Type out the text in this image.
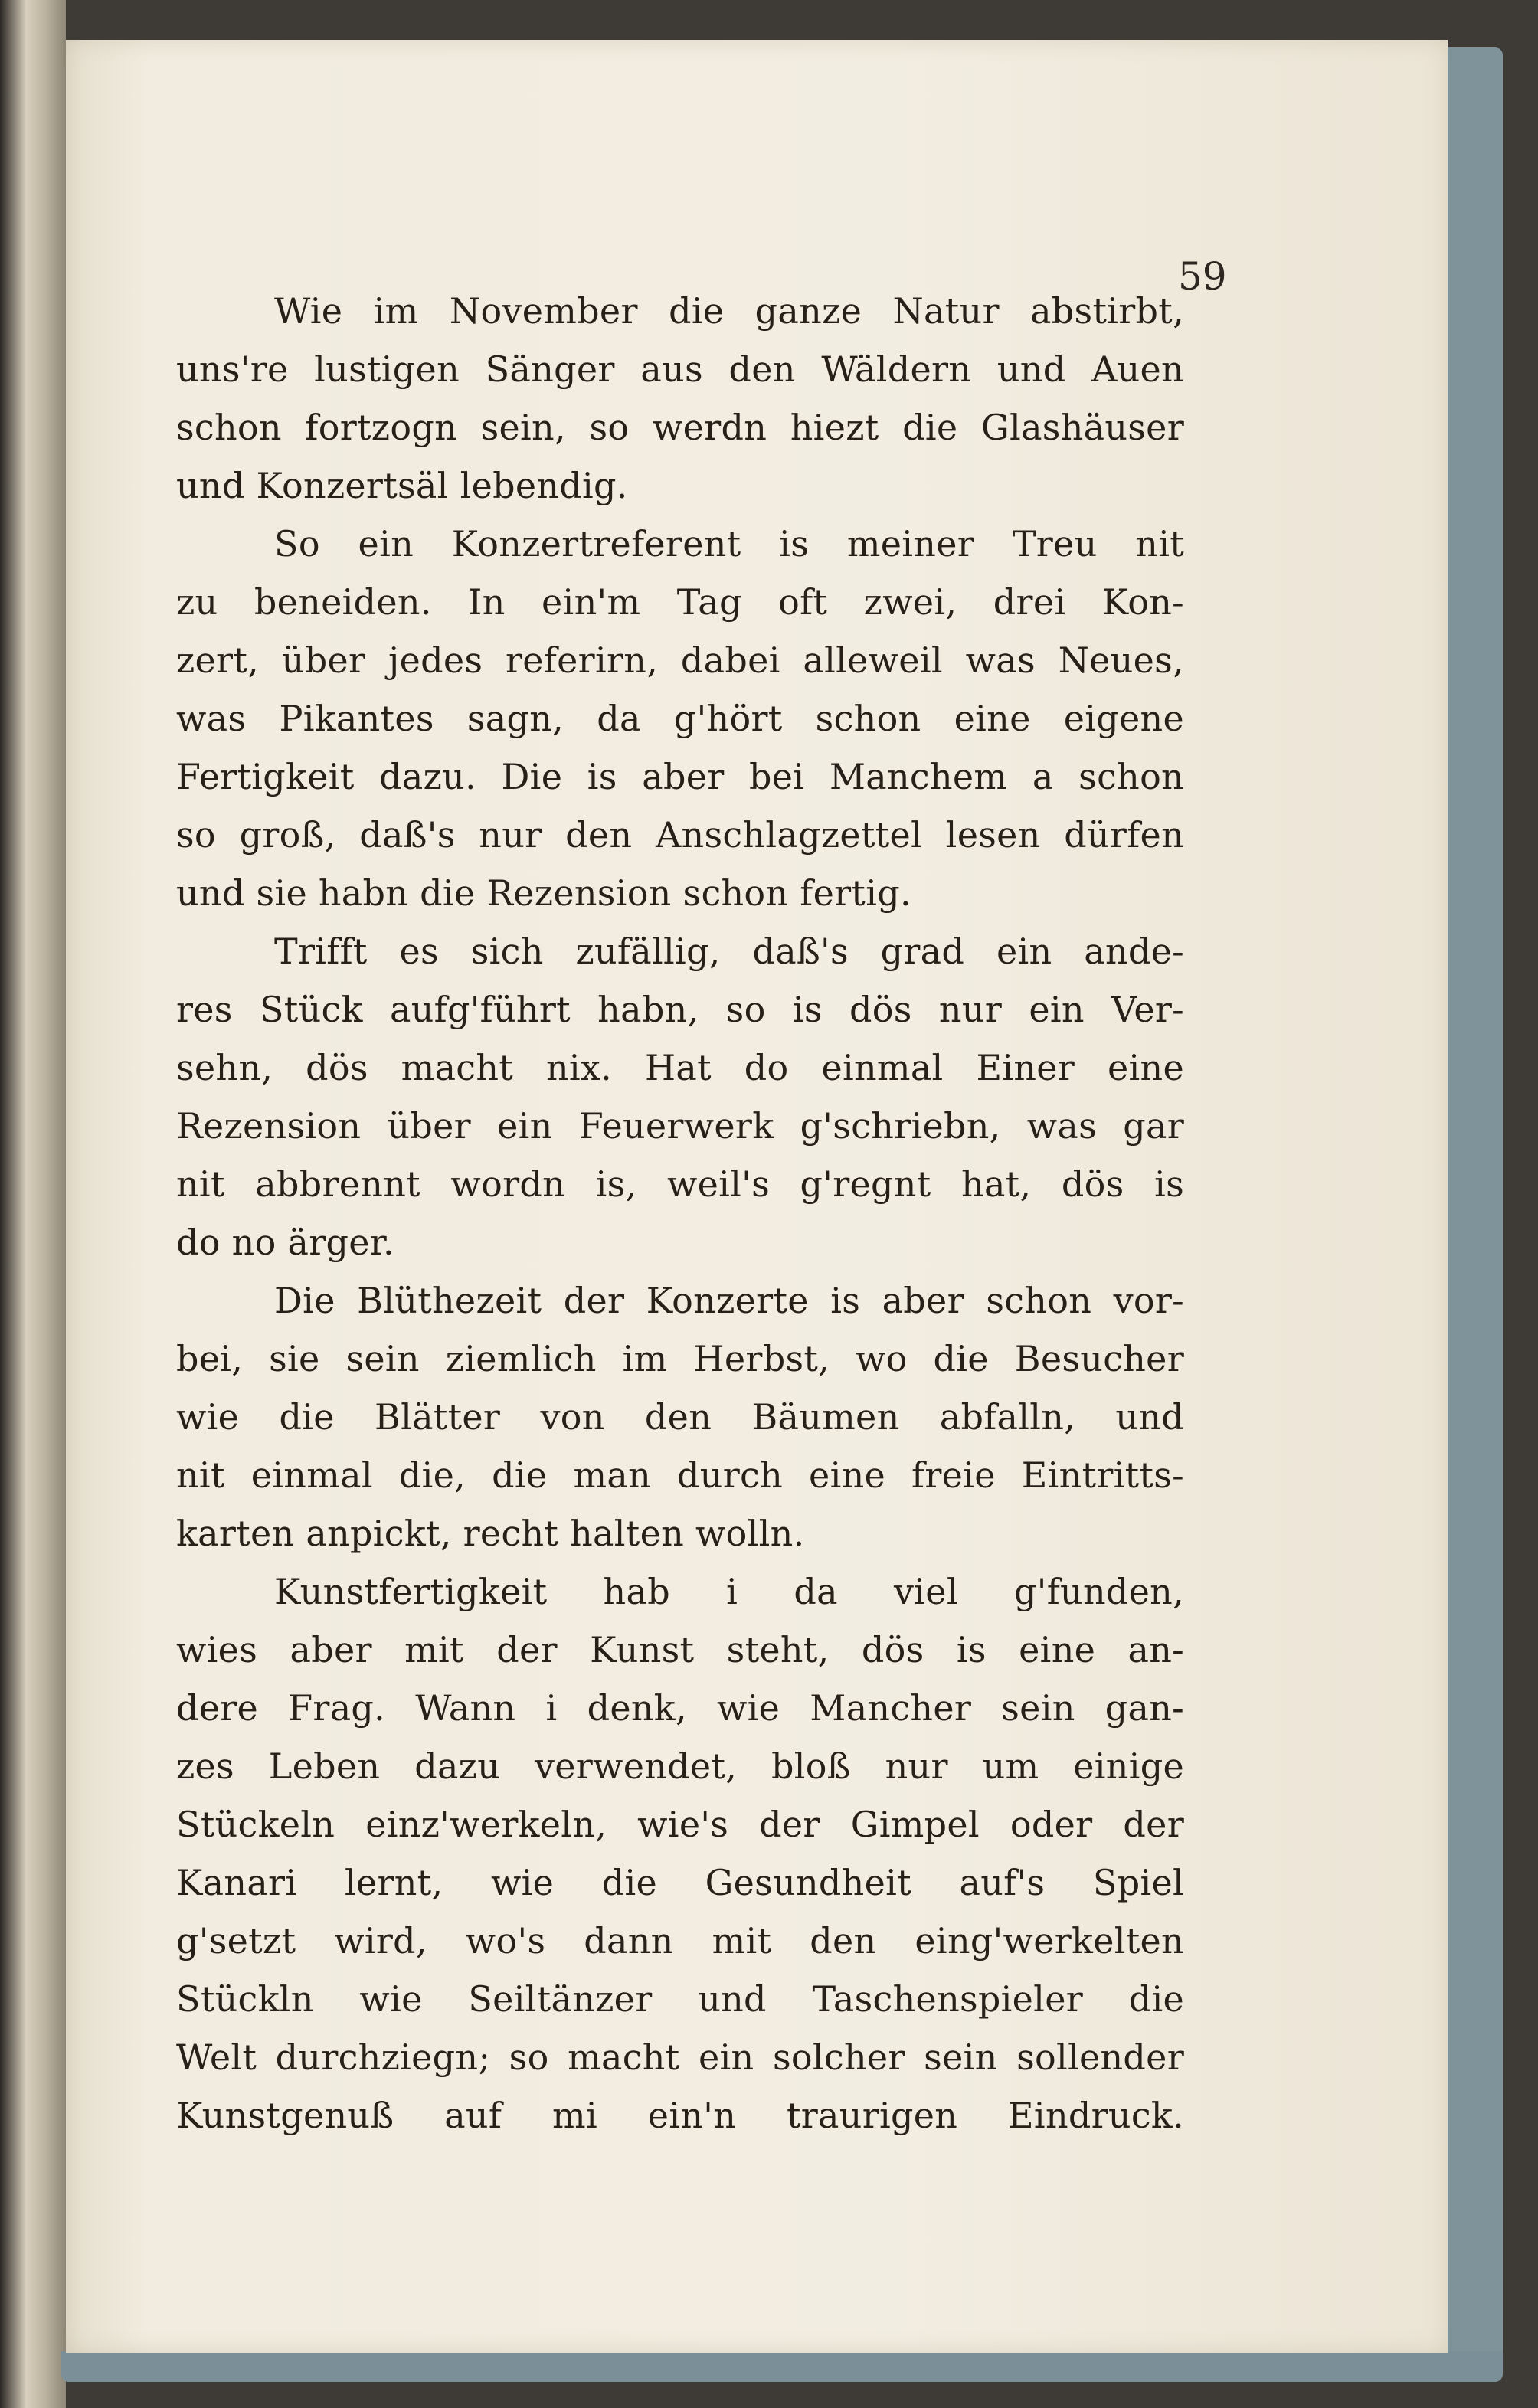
59
Wie im November die ganze Natur abstirbt,
uns're lustigen Sänger aus den Wäldern und Auen
schon fortzogn sein, so werdn hiezt die Glashäuser
und Konzertsäl lebendig.
So ein Konzertreferent is meiner Treu nit
zu beneiden. In ein'm Tag oft zwei, drei Kon-
zert, über jedes referirn, dabei alleweil was Neues,
was Pikantes sagn, da g'hört schon eine eigene
Fertigkeit dazu. Die is aber bei Manchem a schon
so groß, daß's nur den Anschlagzettel lesen dürfen
und sie habn die Rezension schon fertig.
Trifft es sich zufällig, daß's grad ein ande-
res Stück aufg'führt habn, so is dös nur ein Ver-
sehn, dös macht nix. Hat do einmal Einer eine
Rezension über ein Feuerwerk g'schriebn, was gar
nit abbrennt wordn is, weil's g'regnt hat, dös is
do no ärger.
Die Blüthezeit der Konzerte is aber schon vor-
bei, sie sein ziemlich im Herbst, wo die Besucher
wie die Blätter von den Bäumen abfalln, und
nit einmal die, die man durch eine freie Eintritts-
karten anpickt, recht halten wolln.
Kunstfertigkeit hab i da viel g'funden,
wies aber mit der Kunst steht, dös is eine an-
dere Frag. Wann i denk, wie Mancher sein gan-
zes Leben dazu verwendet, bloß nur um einige
Stückeln einz'werkeln, wie's der Gimpel oder der
Kanari lernt, wie die Gesundheit auf's Spiel
g'setzt wird, wo's dann mit den eing'werkelten
Stückln wie Seiltänzer und Taschenspieler die
Welt durchziegn; so macht ein solcher sein sollender
Kunstgenuß auf mi ein'n traurigen Eindruck.
